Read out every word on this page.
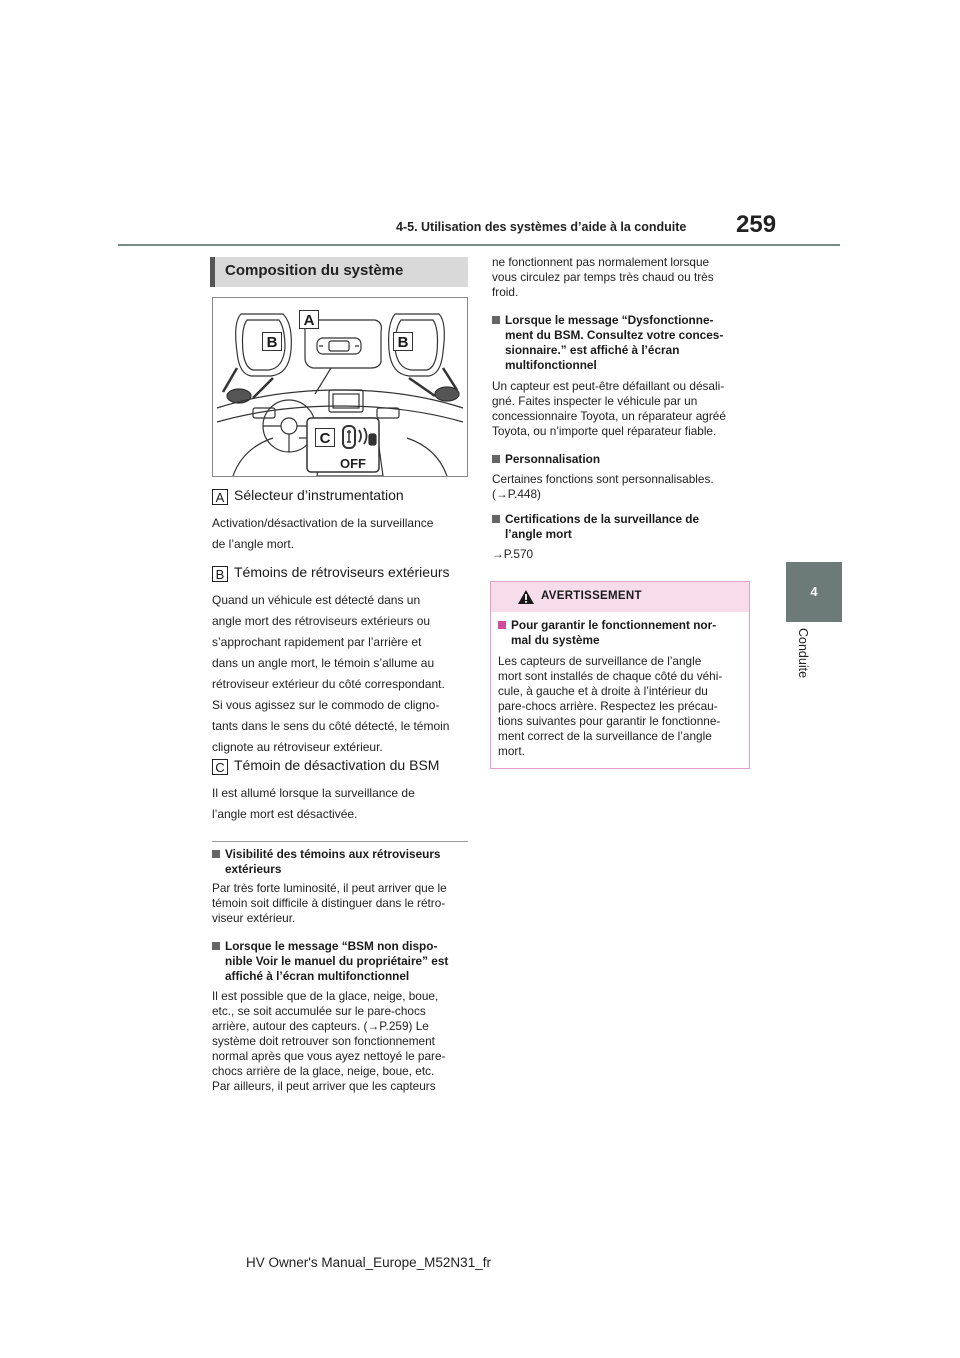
4-5. Utilisation des systèmes d’aide à la conduite 259
4
Conduite
Composition du système
OFF
A
B	B
C
A Sélecteur d’instrumentation
Activation/désactivation de la surveillance
de l’angle mort.
B Témoins de rétroviseurs extérieurs
Quand un véhicule est détecté dans un
angle mort des rétroviseurs extérieurs ou
s’approchant rapidement par l’arrière et
dans un angle mort, le témoin s’allume au
rétroviseur extérieur du côté correspondant.
Si vous agissez sur le commodo de cligno-
tants dans le sens du côté détecté, le témoin
clignote au rétroviseur extérieur.
C Témoin de désactivation du BSM
Il est allumé lorsque la surveillance de
l’angle mort est désactivée.
Visibilité des témoins aux rétroviseurs
extérieurs
Par très forte luminosité, il peut arriver que le
témoin soit difficile à distinguer dans le rétro-
viseur extérieur.
Lorsque le message “BSM non dispo-
nible Voir le manuel du propriétaire” est
affiché à l’écran multifonctionnel
Il est possible que de la glace, neige, boue,
etc., se soit accumulée sur le pare-chocs
arrière, autour des capteurs. (→P.259) Le
système doit retrouver son fonctionnement
normal après que vous ayez nettoyé le pare-
chocs arrière de la glace, neige, boue, etc.
Par ailleurs, il peut arriver que les capteurs
ne fonctionnent pas normalement lorsque
vous circulez par temps très chaud ou très
froid.
Lorsque le message “Dysfonctionne-
ment du BSM. Consultez votre conces-
sionnaire.” est affiché à l’écran
multifonctionnel
Un capteur est peut-être défaillant ou désali-
gné. Faites inspecter le véhicule par un
concessionnaire Toyota, un réparateur agréé
Toyota, ou n’importe quel réparateur fiable.
Personnalisation
Certaines fonctions sont personnalisables.
(→P.448)
Certifications de la surveillance de
l’angle mort
→P.570
AVERTISSEMENT
Pour garantir le fonctionnement nor-
mal du système
Les capteurs de surveillance de l’angle
mort sont installés de chaque côté du véhi-
cule, à gauche et à droite à l’intérieur du
pare-chocs arrière. Respectez les précau-
tions suivantes pour garantir le fonctionne-
ment correct de la surveillance de l’angle
mort.
HV Owner's Manual_Europe_M52N31_fr
